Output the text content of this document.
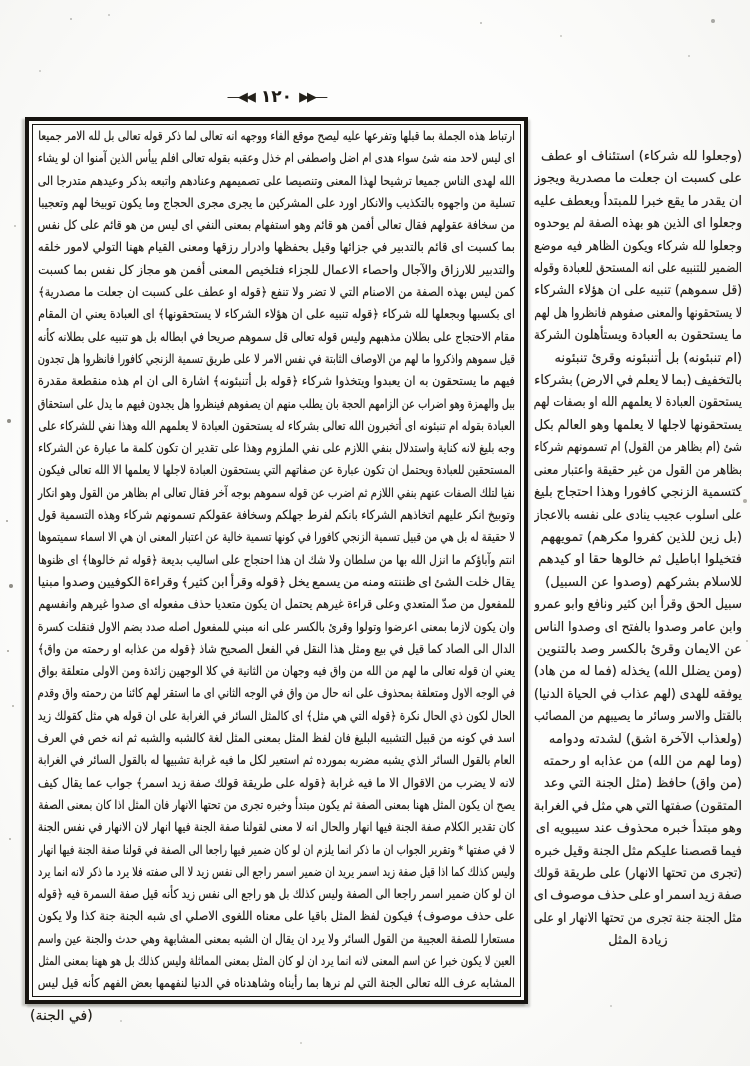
—◀◀ ١٢٠ ▶▶—
ارتباط هذه الجملة بما قبلها وتفرعها عليه ليصح موقع الفاء ووجهه انه تعالى لما ذكر قوله تعالى بل لله الامر جميعا
اى ليس لاحد منه شئ سواء هدى ام اضل واصطفى ام خذل وعقبه بقوله تعالى افلم ييأس الذين آمنوا ان لو يشاء
الله لهدى الناس جميعا ترشيحا لهذا المعنى وتنصيصا على تصميمهم وعنادهم واتبعه بذكر وعيدهم متدرجا الى
تسلية من واجهوه بالتكذيب والانكار اورد على المشركين ما يجرى مجرى الحجاج وما يكون توبيخا لهم وتعجيبا
من سخافة عقولهم فقال تعالى أفمن هو قائم وهو استفهام بمعنى النفي اى ليس من هو قائم على كل نفس
بما كسبت اى قائم بالتدبير في جزائها وقيل بحفظها وادرار رزقها ومعنى القيام ههنا التولي لامور خلقه
والتدبير للارزاق والآجال واحصاء الاعمال للجزاء فتلخيص المعنى أفمن هو مجاز كل نفس بما كسبت
كمن ليس بهذه الصفة من الاصنام التي لا تضر ولا تنفع ﴿قوله او عطف على كسبت ان جعلت ما مصدرية﴾
اى بكسبها وبجعلها لله شركاء ﴿قوله تنبيه على ان هؤلاء الشركاء لا يستحقونها﴾ اى العبادة يعني ان المقام
مقام الاحتجاج على بطلان مذهبهم وليس قوله تعالى قل سموهم صريحا في ابطاله بل هو تنبيه على بطلانه كأنه
قيل سموهم واذكروا ما لهم من الاوصاف الثابتة في نفس الامر لا على طريق تسمية الزنجي كافورا فانظروا هل تجدون
فيهم ما يستحقون به ان يعبدوا ويتخذوا شركاء ﴿قوله بل أتنبئونه﴾ اشارة الى ان ام هذه منقطعة مقدرة
ببل والهمزة وهو اضراب عن الزامهم الحجة بان يطلب منهم ان يصفوهم فينظروا هل يجدون فيهم ما يدل على استحقاق
العبادة بقوله ام تنبئونه اى أتخبرون الله تعالى بشركاء له يستحقون العبادة لا يعلمهم الله وهذا نفي للشركاء على
وجه بليغ لانه كناية واستدلال بنفي اللازم على نفي الملزوم وهذا على تقدير ان تكون كلمة ما عبارة عن الشركاء
المستحقين للعبادة ويحتمل ان تكون عبارة عن صفاتهم التي يستحقون العبادة لاجلها لا يعلمها الا الله تعالى فيكون
نفيا لتلك الصفات عنهم بنفي اللازم ثم اضرب عن قوله سموهم بوجه آخر فقال تعالى ام بظاهر من القول وهو انكار
وتوبيخ انكر عليهم اتخاذهم الشركاء بانكم لفرط جهلكم وسخافة عقولكم تسمونهم شركاء وهذه التسمية قول
لا حقيقة له بل هي من قبيل تسمية الزنجي كافورا في كونها تسمية خالية عن اعتبار المعنى ان هي الا اسماء سميتموها
انتم وآباؤكم ما انزل الله بها من سلطان ولا شك ان هذا احتجاج على اساليب بديعة ﴿قوله ثم خالوها﴾ اى ظنوها
يقال خلت الشئ اى ظننته ومنه من يسمع يخل ﴿قوله وقرأ ابن كثير﴾ وقراءة الكوفيين وصدوا مبنيا
للمفعول من صدّ المتعدي وعلى قراءة غيرهم يحتمل ان يكون متعديا حذف مفعوله اى صدوا غيرهم وانفسهم
وان يكون لازما بمعنى اعرضوا وتولوا وقرئ بالكسر على انه مبني للمفعول اصله صدد بضم الاول فنقلت كسرة
الدال الى الصاد كما قيل في بيع ومثل هذا النقل في الفعل الصحيح شاذ ﴿قوله من عذابه او رحمته من واق﴾
يعني ان قوله تعالى ما لهم من الله من واق فيه وجهان من الثانية في كلا الوجهين زائدة ومن الاولى متعلقة بواق
في الوجه الاول ومتعلقة بمحذوف على انه حال من واق في الوجه الثاني اى ما استقر لهم كائنا من رحمته واق وقدم
الحال لكون ذي الحال نكرة ﴿قوله التي هي مثل﴾ اى كالمثل السائر في الغرابة على ان قوله هي مثل كقولك زيد
اسد في كونه من قبيل التشبيه البليغ فان لفظ المثل بمعنى المثل لغة كالشبه والشبه ثم انه خص في العرف
العام بالقول السائر الذي يشبه مضربه بمورده ثم استعير لكل ما فيه غرابة تشبيها له بالقول السائر في الغرابة
لانه لا يضرب من الاقوال الا ما فيه غرابة ﴿قوله على طريقة قولك صفة زيد اسمر﴾ جواب عما يقال كيف
يصح ان يكون المثل ههنا بمعنى الصفة ثم يكون مبتدأ وخبره تجرى من تحتها الانهار فان المثل اذا كان بمعنى الصفة
كان تقدير الكلام صفة الجنة فيها انهار والحال انه لا معنى لقولنا صفة الجنة فيها انهار لان الانهار في نفس الجنة
لا في صفتها * وتقرير الجواب ان ما ذكر انما يلزم ان لو كان ضمير فيها راجعا الى الصفة في قولنا صفة الجنة فيها انهار
وليس كذلك كما اذا قيل صفة زيد اسمر يريد ان ضمير اسمر راجع الى نفس زيد لا الى صفته فلا يرد ما ذكر لانه انما يرد
ان لو كان ضمير اسمر راجعا الى الصفة وليس كذلك بل هو راجع الى نفس زيد كأنه قيل صفة السمرة فيه ﴿قوله
على حذف موصوف﴾ فيكون لفظ المثل باقيا على معناه اللغوى الاصلي اى شبه الجنة جنة كذا ولا يكون
مستعارا للصفة العجيبة من القول السائر ولا يرد ان يقال ان الشبه بمعنى المشابهة وهي حدث والجنة عين واسم
العين لا يكون خبرا عن اسم المعنى لانه انما يرد ان لو كان المثل بمعنى المماثلة وليس كذلك بل هو ههنا بمعنى المثل
المشابه عرف الله تعالى الجنة التي لم نرها بما رأيناه وشاهدناه في الدنيا لنفهمها بعض الفهم كأنه قيل ليس
(وجعلوا لله شركاء) استئناف او عطف
على كسبت ان جعلت ما مصدرية ويجوز
ان يقدر ما يقع خبرا للمبتدأ ويعطف عليه
وجعلوا اى الذين هو بهذه الصفة لم يوحدوه
وجعلوا لله شركاء ويكون الظاهر فيه موضع
الضمير للتنبيه على انه المستحق للعبادة وقوله
(قل سموهم) تنبيه على ان هؤلاء الشركاء
لا يستحقونها والمعنى صفوهم فانظروا هل لهم
ما يستحقون به العبادة ويستأهلون الشركة
(ام تنبئونه) بل أتنبئونه وقرئ تنبئونه
بالتخفيف (بما لا يعلم في الارض) بشركاء
يستحقون العبادة لا يعلمهم الله او بصفات لهم
يستحقونها لاجلها لا يعلمها وهو العالم بكل
شئ (ام بظاهر من القول) ام تسمونهم شركاء
بظاهر من القول من غير حقيقة واعتبار معنى
كتسمية الزنجي كافورا وهذا احتجاج بليغ
على اسلوب عجيب ينادى على نفسه بالاعجاز
(بل زين للذين كفروا مكرهم) تمويههم
فتخيلوا اباطيل ثم خالوها حقا او كيدهم
للاسلام بشركهم (وصدوا عن السبيل)
سبيل الحق وقرأ ابن كثير ونافع وابو عمرو
وابن عامر وصدوا بالفتح اى وصدوا الناس
عن الايمان وقرئ بالكسر وصد بالتنوين
(ومن يضلل الله) يخذله (فما له من هاد)
يوفقه للهدى (لهم عذاب في الحياة الدنيا)
بالقتل والاسر وسائر ما يصيبهم من المصائب
(ولعذاب الآخرة اشق) لشدته ودوامه
(وما لهم من الله) من عذابه او رحمته
(من واق) حافظ (مثل الجنة التي وعد
المتقون) صفتها التي هي مثل في الغرابة
وهو مبتدأ خبره محذوف عند سيبويه اى
فيما قصصنا عليكم مثل الجنة وقيل خبره
(تجرى من تحتها الانهار) على طريقة قولك
صفة زيد اسمر او على حذف موصوف اى
مثل الجنة جنة تجرى من تحتها الانهار او على
زيادة المثل
(في الجنة)
